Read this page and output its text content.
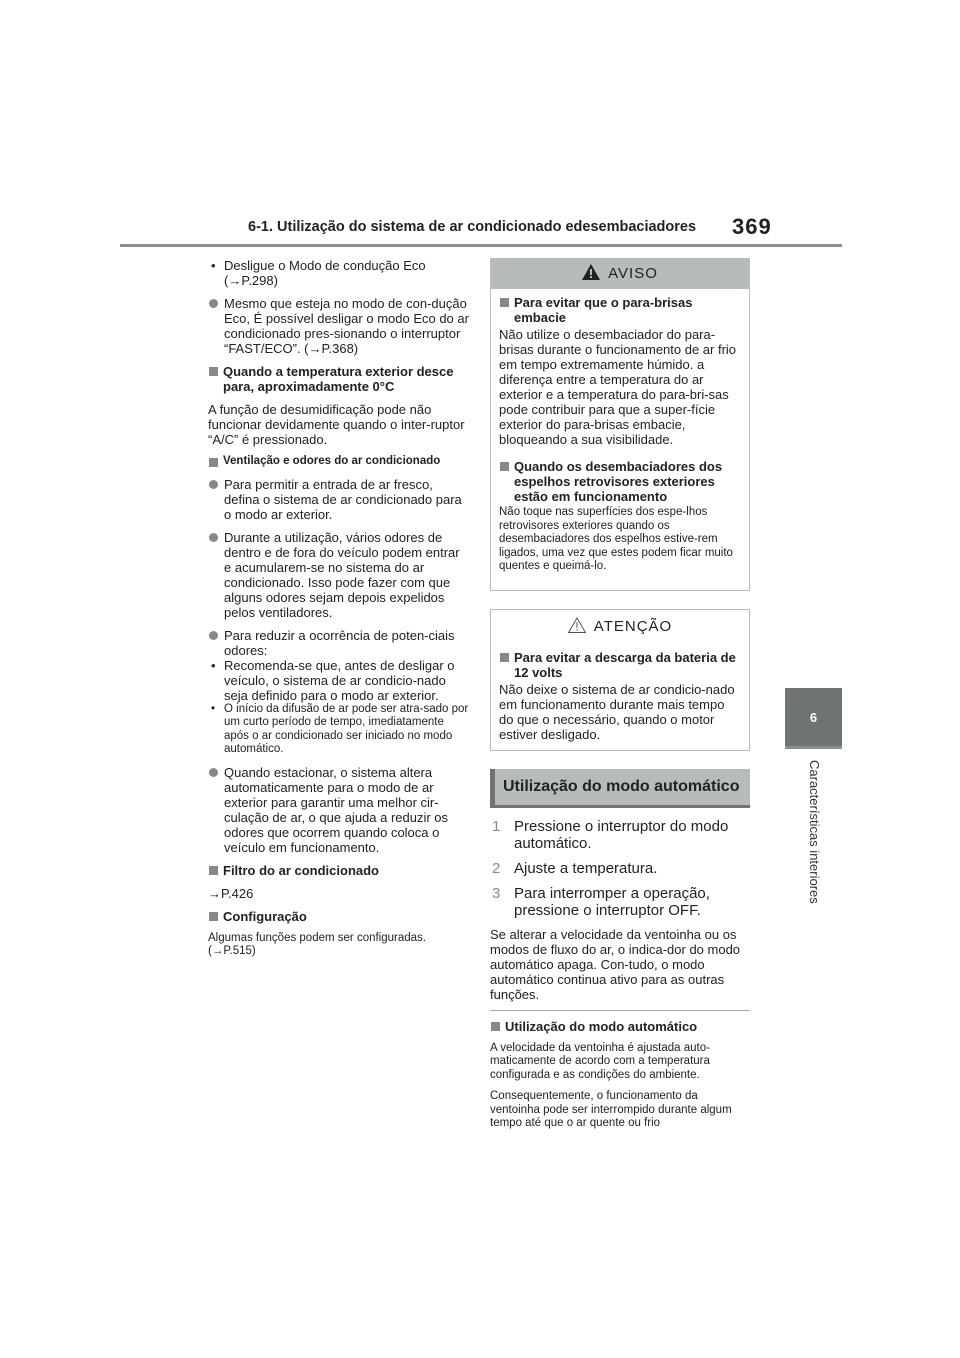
6-1. Utilização do sistema de ar condicionado edesembaciadores 369
6
Características interiores
• Desligue o Modo de condução Eco (→P.298)
Mesmo que esteja no modo de con-dução Eco, É possível desligar o modo Eco do ar condicionado pres-sionando o interruptor “FAST/ECO”. (→P.368)
Quando a temperatura exterior desce para, aproximadamente 0°C
A função de desumidificação pode não funcionar devidamente quando o inter-ruptor “A/C” é pressionado.
Ventilação e odores do ar condicionado
Para permitir a entrada de ar fresco, defina o sistema de ar condicionado para o modo ar exterior.
Durante a utilização, vários odores de dentro e de fora do veículo podem entrar e acumularem-se no sistema do ar condicionado. Isso pode fazer com que alguns odores sejam depois expelidos pelos ventiladores.
Para reduzir a ocorrência de poten-ciais odores:
• Recomenda-se que, antes de desligar o veículo, o sistema de ar condicio-nado seja definido para o modo ar exterior.
• O início da difusão de ar pode ser atra-sado por um curto período de tempo, imediatamente após o ar condicionado ser iniciado no modo automático.
Quando estacionar, o sistema altera automaticamente para o modo de ar exterior para garantir uma melhor cir-culação de ar, o que ajuda a reduzir os odores que ocorrem quando coloca o veículo em funcionamento.
Filtro do ar condicionado
→P.426
Configuração
Algumas funções podem ser configuradas. (→P.515)
AVISO
Para evitar que o para-brisas embacie
Não utilize o desembaciador do para-brisas durante o funcionamento de ar frio em tempo extremamente húmido. a diferença entre a temperatura do ar exterior e a temperatura do para-bri-sas pode contribuir para que a super-fície exterior do para-brisas embacie, bloqueando a sua visibilidade.
Quando os desembaciadores dos espelhos retrovisores exteriores estão em funcionamento
Não toque nas superfícies dos espe-lhos retrovisores exteriores quando os desembaciadores dos espelhos estive-rem ligados, uma vez que estes podem ficar muito quentes e queimá-lo.
ATENÇÃO
Para evitar a descarga da bateria de 12 volts
Não deixe o sistema de ar condicio-nado em funcionamento durante mais tempo do que o necessário, quando o motor estiver desligado.
Utilização do modo automático
1 Pressione o interruptor do modo automático.
2 Ajuste a temperatura.
3 Para interromper a operação, pressione o interruptor OFF.
Se alterar a velocidade da ventoinha ou os modos de fluxo do ar, o indica-dor do modo automático apaga. Con-tudo, o modo automático continua ativo para as outras funções.
Utilização do modo automático
A velocidade da ventoinha é ajustada auto-maticamente de acordo com a temperatura configurada e as condições do ambiente.
Consequentemente, o funcionamento da ventoinha pode ser interrompido durante algum tempo até que o ar quente ou frio
